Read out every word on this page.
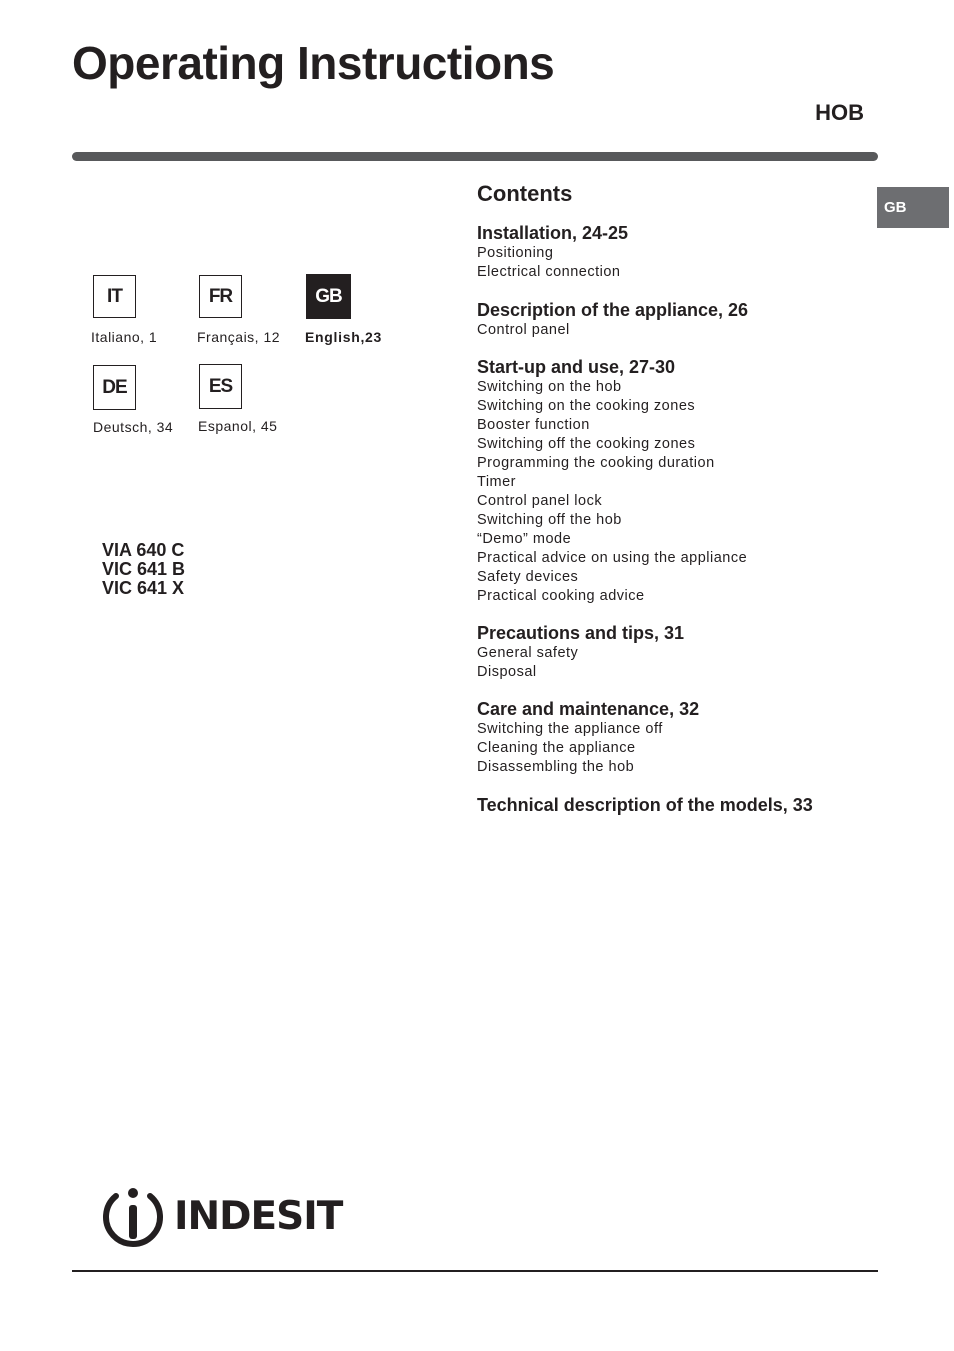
Operating Instructions
HOB
GB
IT
Italiano, 1
FR
Français, 12
GB
English,23
DE
Deutsch, 34
ES
Espanol, 45
VIA 640 C
VIC 641 B
VIC 641 X
Contents
Installation, 24-25
Positioning
Electrical connection
Description of the appliance, 26
Control panel
Start-up and use, 27-30
Switching on the hob
Switching on the cooking zones
Booster function
Switching off the cooking zones
Programming the cooking duration
Timer
Control panel lock
Switching off the hob
“Demo” mode
Practical advice on using the appliance
Safety devices
Practical cooking advice
Precautions and tips, 31
General safety
Disposal
Care and maintenance, 32
Switching the appliance off
Cleaning the appliance
Disassembling the hob
Technical description of the models, 33
INDESIT
